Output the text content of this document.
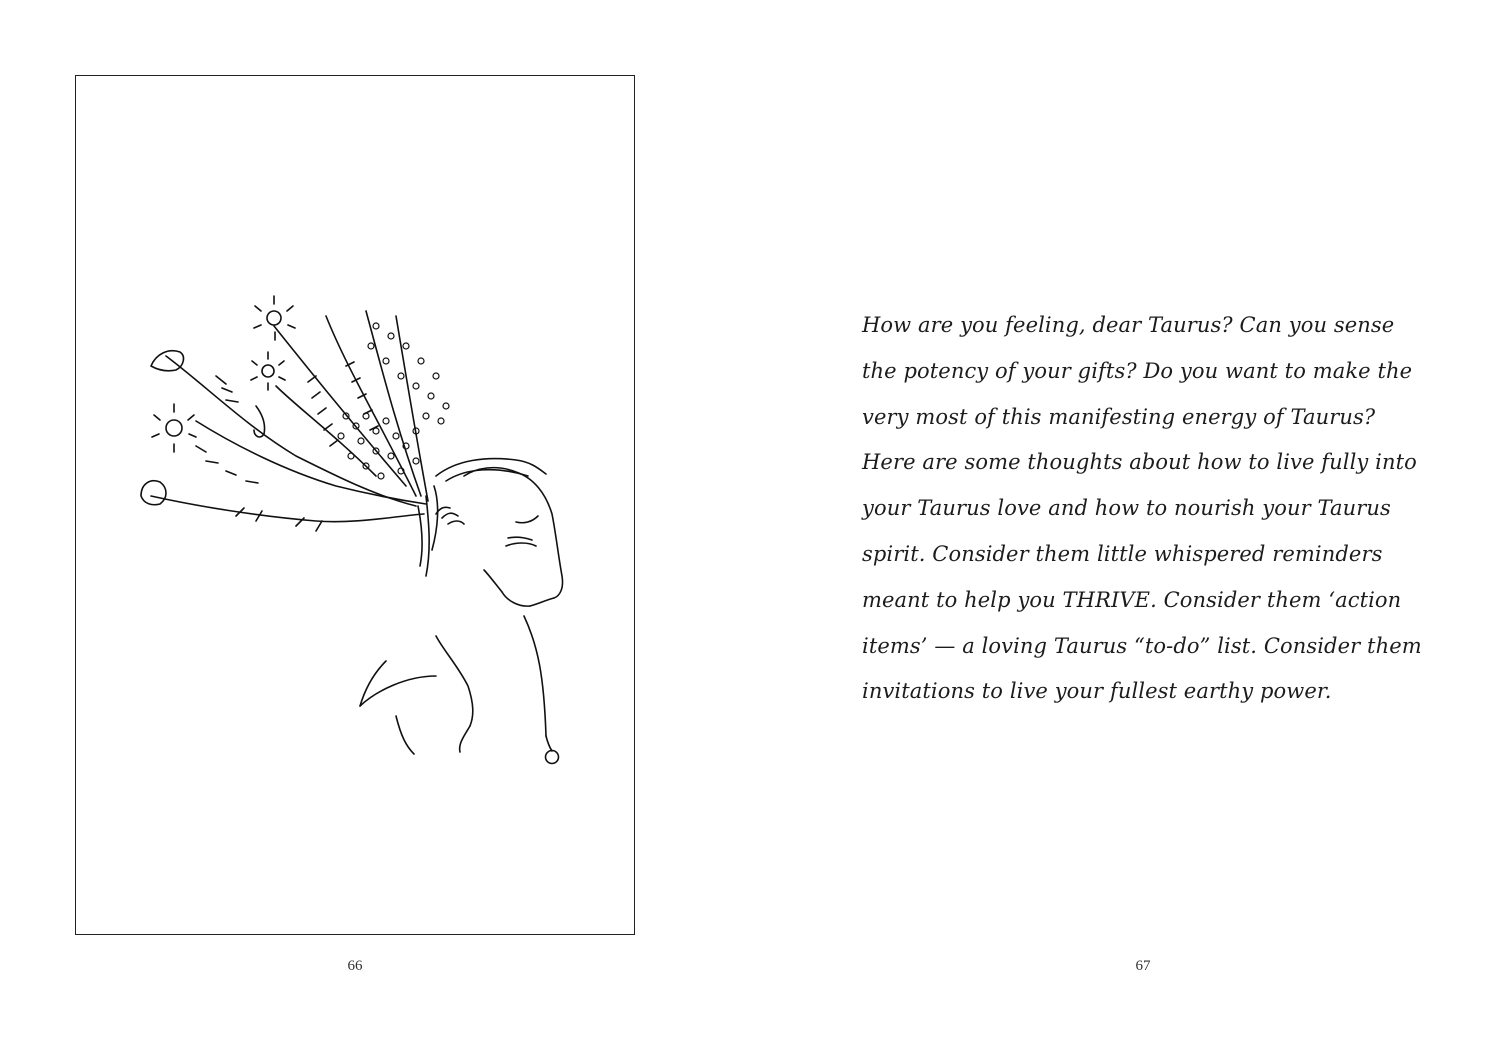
66

How are you feeling, dear Taurus? Can you sense
the potency of your gifts? Do you want to make the
very most of this manifesting energy of Taurus?
Here are some thoughts about how to live fully into
your Taurus love and how to nourish your Taurus
spirit. Consider them little whispered reminders
meant to help you THRIVE. Consider them ‘action
items’ — a loving Taurus “to-do” list. Consider them
invitations to live your fullest earthy power.

67
